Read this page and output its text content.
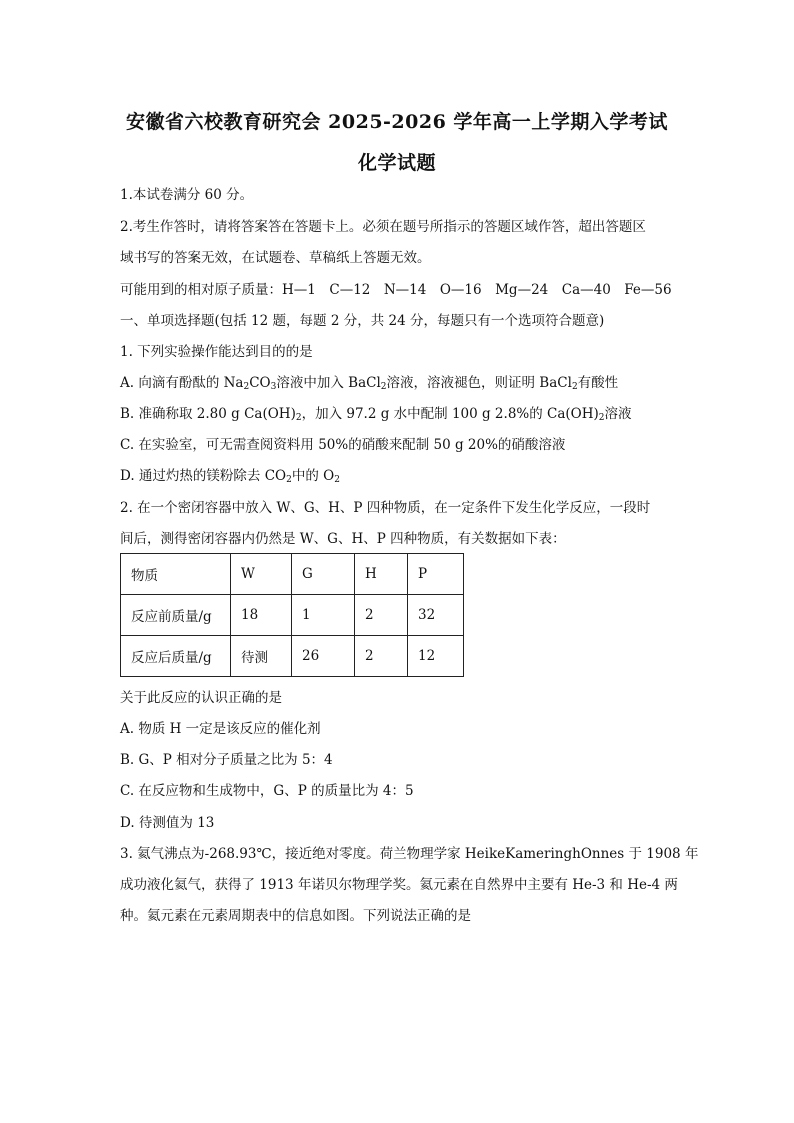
安徽省六校教育研究会 2025-2026 学年高一上学期入学考试
化学试题
1.本试卷满分 60 分。
2.考生作答时，请将答案答在答题卡上。必须在题号所指示的答题区域作答，超出答题区
域书写的答案无效，在试题卷、草稿纸上答题无效。
可能用到的相对原子质量：H—1　C—12　N—14　O—16　Mg—24　Ca—40　Fe—56
一、单项选择题(包括 12 题，每题 2 分，共 24 分，每题只有一个选项符合题意)
1. 下列实验操作能达到目的的是
A. 向滴有酚酞的 $Na_2CO_3$溶液中加入 BaCl$_2$溶液，溶液褪色，则证明 BaCl$_2$有酸性
B. 准确称取 2.80 g $Ca(OH)_2$，加入 97.2 g 水中配制 100 g 2.8%的 $Ca(OH)_2$溶液
C. 在实验室，可无需查阅资料用 50%的硝酸来配制 50 g 20%的硝酸溶液
D. 通过灼热的镁粉除去 $CO_2$中的 $O_2$
2. 在一个密闭容器中放入 W、G、H、P 四种物质，在一定条件下发生化学反应，一段时
间后，测得密闭容器内仍然是 W、G、H、P 四种物质，有关数据如下表：
物质	W	G	H	P
反应前质量/g	18	1	2	32
反应后质量/g	待测	26	2	12
关于此反应的认识正确的是
A. 物质 H 一定是该反应的催化剂
B. G、P 相对分子质量之比为 5：4
C. 在反应物和生成物中，G、P 的质量比为 4：5
D. 待测值为 13
3. 氦气沸点为-268.93℃，接近绝对零度。荷兰物理学家 HeikeKameringhOnnes 于 1908 年
成功液化氦气，获得了 1913 年诺贝尔物理学奖。氦元素在自然界中主要有 He-3 和 He-4 两
种。氦元素在元素周期表中的信息如图。下列说法正确的是
